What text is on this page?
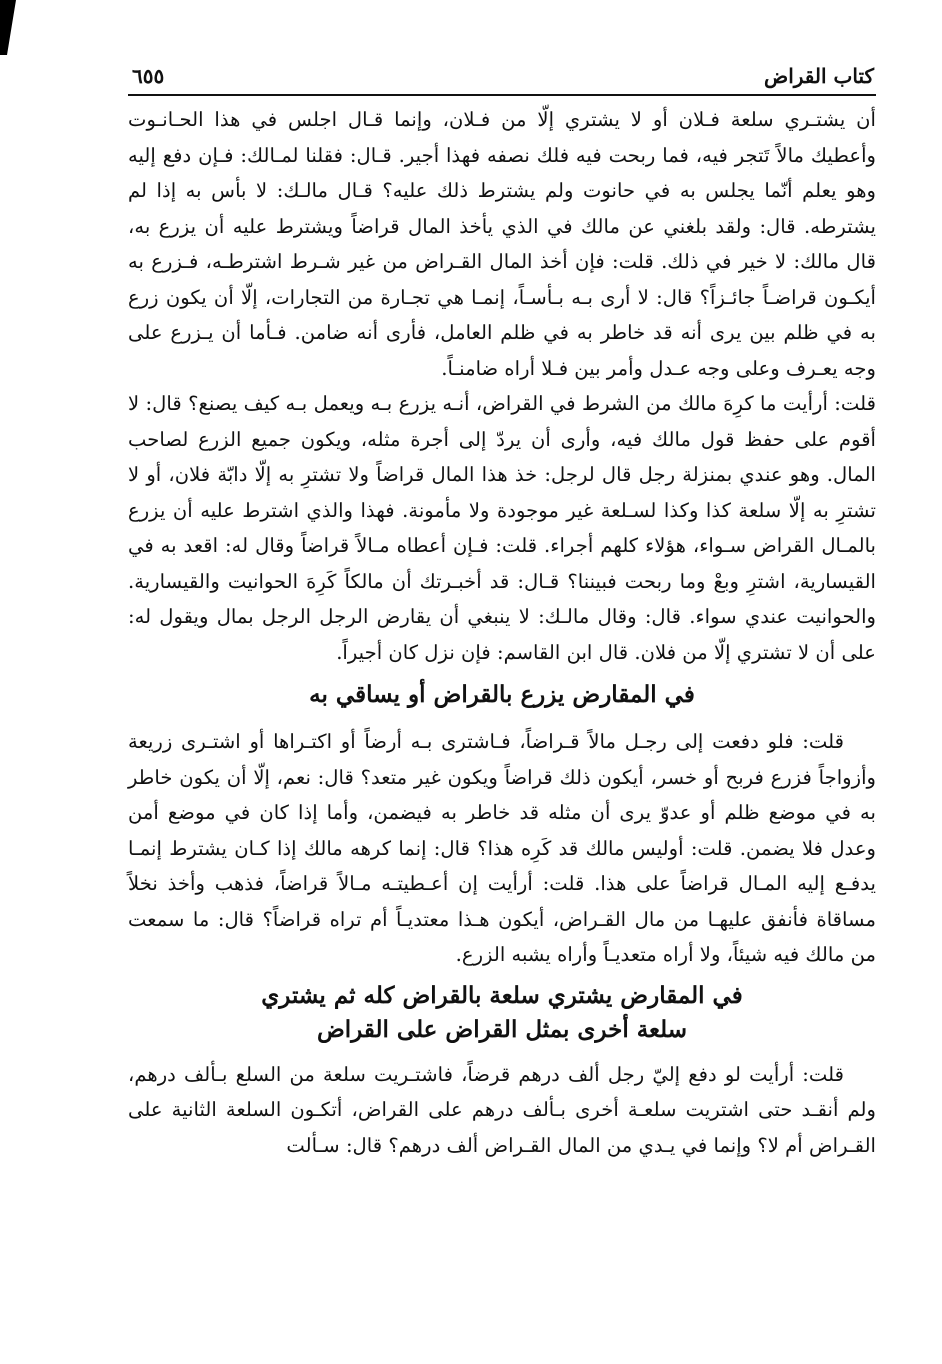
كتاب القراض
٦٥٥

أن يشتـري سلعة فـلان أو لا يشتري إلّا من فـلان، وإنما قـال اجلس في هذا الحـانـوت وأعطيك مالاً تَتجر فيه، فما ربحت فيه فلك نصفه فهذا أجير. قـال: فقلنا لمـالك: فـإن دفع إليه وهو يعلم أنّما يجلس به في حانوت ولم يشترط ذلك عليه؟ قـال مالـك: لا بأس به إذا لم يشترطه. قال: ولقد بلغني عن مالك في الذي يأخذ المال قراضاً ويشترط عليه أن يزرع به، قال مالك: لا خير في ذلك. قلت: فإن أخذ المال القـراض من غير شـرط اشترطـه، فـزرع به أيكـون قراضـاً جائـزاً؟ قال: لا أرى بـه بـأسـاً، إنمـا هي تجـارة من التجارات، إلّا أن يكون زرع به في ظلم بين يرى أنه قد خاطر به في ظلم العامل، فأرى أنه ضامن. فـأما أن يـزرع على وجه يعـرف وعلى وجه عـدل وأمر بين فـلا أراه ضامنـاً.

قلت: أرأيت ما كرِهَ مالك من الشرط في القراض، أنـه يزرع بـه ويعمل بـه كيف يصنع؟ قال: لا أقوم على حفظ قول مالك فيه، وأرى أن يردّ إلى أجرة مثله، ويكون جميع الزرع لصاحب المال. وهو عندي بمنزلة رجل قال لرجل: خذ هذا المال قراضاً ولا تشترِ به إلّا دابّة فلان، أو لا تشترِ به إلّا سلعة كذا وكذا لسـلعة غير موجودة ولا مأمونة. فهذا والذي اشترط عليه أن يزرع بالمـال القراض سـواء، هؤلاء كلهم أجراء. قلت: فـإن أعطاه مـالاً قراضاً وقال له: اقعد به في القيسارية، اشترِ وبعْ وما ربحت فبيننا؟ قـال: قد أخبـرتك أن مالكاً كَرِهَ الحوانيت والقيسارية. والحوانيت عندي سواء. قال: وقال مالـك: لا ينبغي أن يقارض الرجل الرجل بمال ويقول له: على أن لا تشتري إلّا من فلان. قال ابن القاسم: فإن نزل كان أجيراً.

في المقارض يزرع بالقراض أو يساقي به

قلت: فلو دفعت إلى رجـل مالاً قـراضاً، فـاشترى بـه أرضاً أو اكتـراها أو اشتـرى زريعة وأزواجاً فزرع فربح أو خسر، أيكون ذلك قراضاً ويكون غير متعد؟ قال: نعم، إلّا أن يكون خاطر به في موضع ظلم أو عدوّ يرى أن مثله قد خاطر به فيضمن، وأما إذا كان في موضع أمن وعدل فلا يضمن. قلت: أوليس مالك قد كَرِه هذا؟ قال: إنما كرهه مالك إذا كـان يشترط إنمـا يدفـع إليه المـال قراضاً على هذا. قلت: أرأيت إن أعـطيتـه مـالاً قراضاً، فذهب وأخذ نخلاً مساقاة فأنفق عليهـا من مال القـراض، أيكون هـذا معتديـاً أم تراه قراضاً؟ قال: ما سمعت من مالك فيه شيئاً، ولا أراه متعديـاً وأراه يشبه الزرع.

في المقارض يشتري سلعة بالقراض كله ثم يشتري
سلعة أخرى بمثل القراض على القراض

قلت: أرأيت لو دفع إليّ رجل ألف درهم قرضاً، فاشتـريت سلعة من السلع بـألف درهم، ولم أنقـد حتى اشتريت سلعـة أخرى بـألف درهم على القراض، أتكـون السلعة الثانية على القـراض أم لا؟ وإنما في يـدي من المال القـراض ألف درهم؟ قال: سـألت
